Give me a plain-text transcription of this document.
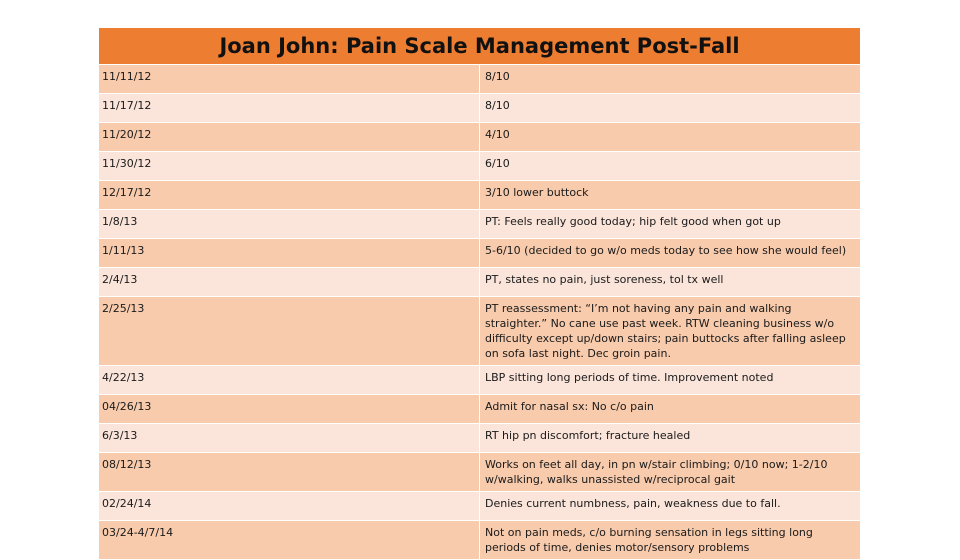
Joan John: Pain Scale Management Post-Fall	
11/11/12	8/10
11/17/12	8/10
11/20/12	4/10
11/30/12	6/10
12/17/12	3/10 lower buttock
1/8/13	PT: Feels really good today; hip felt good when got up
1/11/13	5-6/10 (decided to go w/o meds today to see how she would feel)
2/4/13	PT, states no pain, just soreness, tol tx well
2/25/13	PT reassessment: “I’m not having any pain and walking straighter.” No cane use past week. RTW cleaning business w/o difficulty except up/down stairs; pain buttocks after falling asleep on sofa last night. Dec groin pain.
4/22/13	LBP sitting long periods of time. Improvement noted
04/26/13	Admit for nasal sx: No c/o pain
6/3/13	RT hip pn discomfort; fracture healed
08/12/13	Works on feet all day, in pn w/stair climbing; 0/10 now; 1-2/10 w/walking, walks unassisted w/reciprocal gait
02/24/14	Denies current numbness, pain, weakness due to fall.
03/24-4/7/14	Not on pain meds, c/o burning sensation in legs sitting long periods of time, denies motor/sensory problems
